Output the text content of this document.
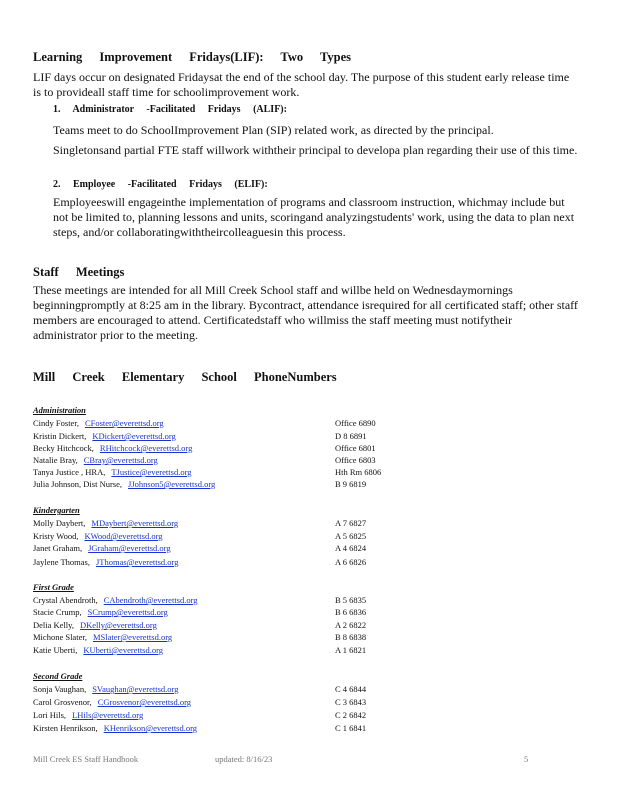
Learning Improvement Fridays(LIF): Two Types
LIF days occur on designated Fridaysat the end of the school day. The purpose of this student early release time is to provideall staff time for schoolimprovement work.
1. Administrator -Facilitated Fridays (ALIF):
Teams meet to do SchoolImprovement Plan (SIP) related work, as directed by the principal.
Singletonsand partial FTE staff willwork withtheir principal to developa plan regarding their use of this time.
2. Employee -Facilitated Fridays (ELIF):
Employeeswill engageinthe implementation of programs and classroom instruction, whichmay include but not be limited to, planning lessons and units, scoringand analyzingstudents' work, using the data to plan next steps, and/or collaboratingwiththeircolleaguesin this process.
Staff Meetings
These meetings are intended for all Mill Creek School staff and willbe held on Wednesdaymornings beginningpromptly at 8:25 am in the library. Bycontract, attendance isrequired for all certificated staff; other staff members are encouraged to attend. Certificatedstaff who willmiss the staff meeting must notifytheir administrator prior to the meeting.
Mill Creek Elementary School PhoneNumbers
Administration
Cindy Foster, CFoster@everettsd.org	Office 6890
Kristin Dickert, KDickert@everettsd.org	D 8 6891
Becky Hitchcock, RHitchcock@everettsd.org	Office 6801
Natalie Bray, CBray@everettsd.org	Office 6803
Tanya Justice , HRA, TJustice@everettsd.org	Hth Rm 6806
Julia Johnson, Dist Nurse, JJohnson5@everettsd.org	B 9 6819
Kindergarten
Molly Daybert, MDaybert@everettsd.org	A 7 6827
Kristy Wood, KWood@everettsd.org	A 5 6825
Janet Graham, JGraham@everettsd.org	A 4 6824
Jaylene Thomas, JThomas@everettsd.org	A 6 6826
First Grade
Crystal Abendroth, CAbendroth@everettsd.org	B 5 6835
Stacie Crump, SCrump@everettsd.org	B 6 6836
Delia Kelly, DKelly@everettsd.org	A 2 6822
Michone Slater, MSlater@everettsd.org	B 8 6838
Katie Uberti, KUberti@everettsd.org	A 1 6821
Second Grade
Sonja Vaughan, SVaughan@everettsd.org	C 4 6844
Carol Grosvenor, CGrosvenor@everettsd.org	C 3 6843
Lori Hils, LHils@everettsd.org	C 2 6842
Kirsten Henrikson, KHenrikson@everettsd.org	C 1 6841
Mill Creek ES Staff Handbook	updated: 8/16/23	5
